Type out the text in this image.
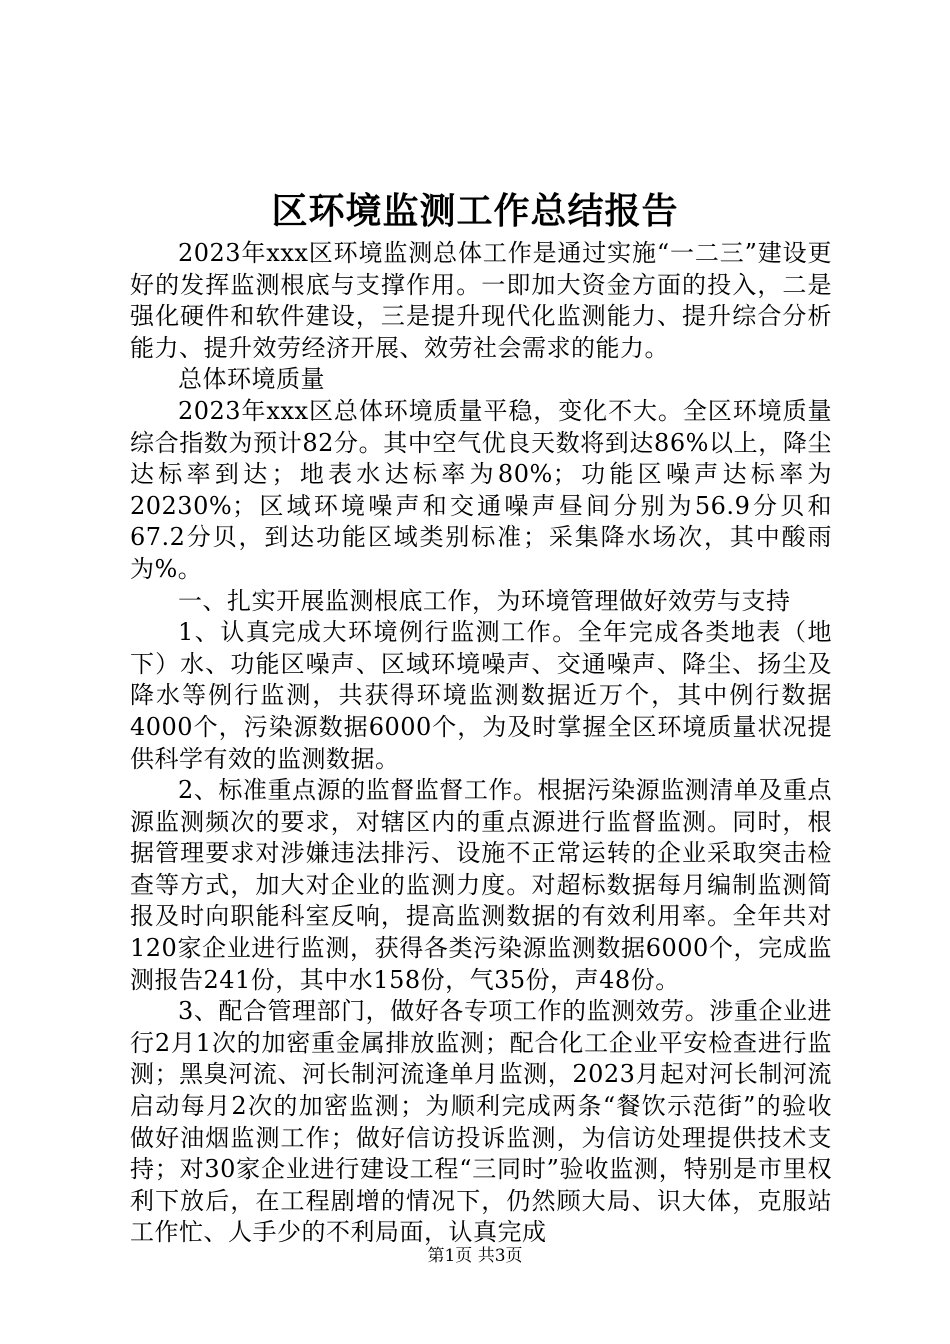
区环境监测工作总结报告

2023年xxx区环境监测总体工作是通过实施“一二三”建设更好的发挥监测根底与支撑作用。一即加大资金方面的投入，二是强化硬件和软件建设，三是提升现代化监测能力、提升综合分析能力、提升效劳经济开展、效劳社会需求的能力。

总体环境质量

2023年xxx区总体环境质量平稳，变化不大。全区环境质量综合指数为预计82分。其中空气优良天数将到达86%以上，降尘达标率到达；地表水达标率为80%；功能区噪声达标率为20230%；区域环境噪声和交通噪声昼间分别为56.9分贝和67.2分贝，到达功能区域类别标准；采集降水场次，其中酸雨为%。

一、扎实开展监测根底工作，为环境管理做好效劳与支持

1、认真完成大环境例行监测工作。全年完成各类地表（地下）水、功能区噪声、区域环境噪声、交通噪声、降尘、扬尘及降水等例行监测，共获得环境监测数据近万个，其中例行数据4000个，污染源数据6000个，为及时掌握全区环境质量状况提供科学有效的监测数据。

2、标准重点源的监督监督工作。根据污染源监测清单及重点源监测频次的要求，对辖区内的重点源进行监督监测。同时，根据管理要求对涉嫌违法排污、设施不正常运转的企业采取突击检查等方式，加大对企业的监测力度。对超标数据每月编制监测简报及时向职能科室反响，提高监测数据的有效利用率。全年共对120家企业进行监测，获得各类污染源监测数据6000个，完成监测报告241份，其中水158份，气35份，声48份。

3、配合管理部门，做好各专项工作的监测效劳。涉重企业进行2月1次的加密重金属排放监测；配合化工企业平安检查进行监测；黑臭河流、河长制河流逢单月监测，2023月起对河长制河流启动每月2次的加密监测；为顺利完成两条“餐饮示范街”的验收做好油烟监测工作；做好信访投诉监测，为信访处理提供技术支持；对30家企业进行建设工程“三同时”验收监测，特别是市里权利下放后，在工程剧增的情况下，仍然顾大局、识大体，克服站工作忙、人手少的不利局面，认真完成

第1页 共3页
